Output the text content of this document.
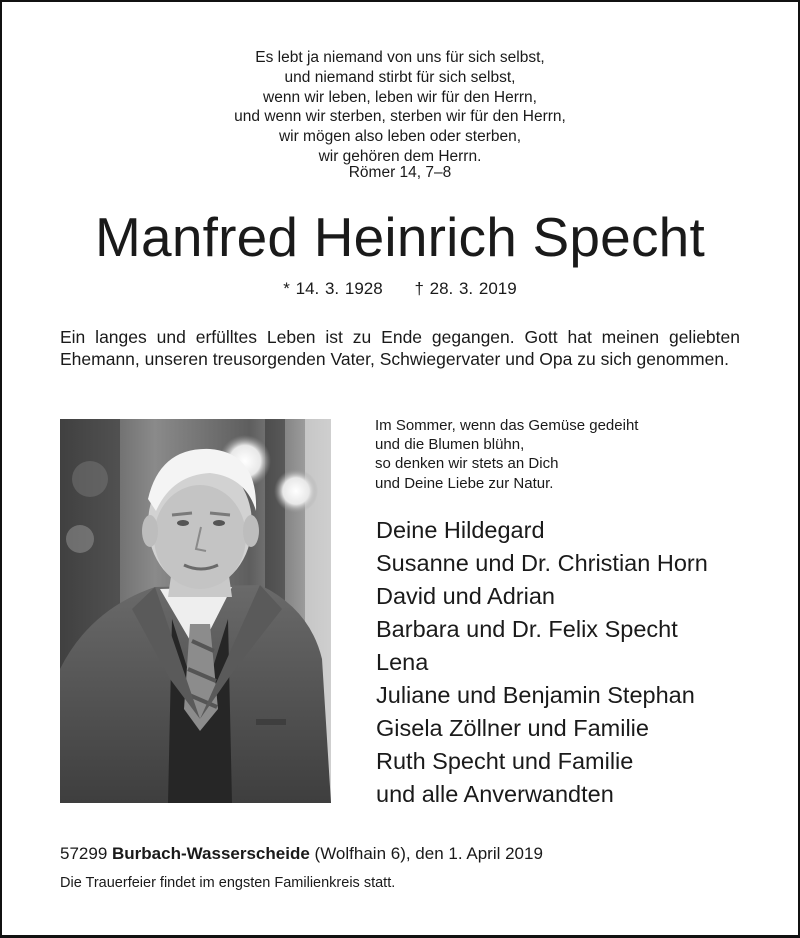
Es lebt ja niemand von uns für sich selbst,
und niemand stirbt für sich selbst,
wenn wir leben, leben wir für den Herrn,
und wenn wir sterben, sterben wir für den Herrn,
wir mögen also leben oder sterben,
wir gehören dem Herrn.
Römer 14, 7–8
Manfred Heinrich Specht
* 14. 3. 1928 † 28. 3. 2019
Ein langes und erfülltes Leben ist zu Ende gegangen. Gott hat meinen geliebten Ehemann, unseren treusorgenden Vater, Schwiegervater und Opa zu sich genommen.
Im Sommer, wenn das Gemüse gedeiht
und die Blumen blühn,
so denken wir stets an Dich
und Deine Liebe zur Natur.
Deine Hildegard
Susanne und Dr. Christian Horn
David und Adrian
Barbara und Dr. Felix Specht
Lena
Juliane und Benjamin Stephan
Gisela Zöllner und Familie
Ruth Specht und Familie
und alle Anverwandten
57299 Burbach-Wasserscheide (Wolfhain 6), den 1. April 2019
Die Trauerfeier findet im engsten Familienkreis statt.
